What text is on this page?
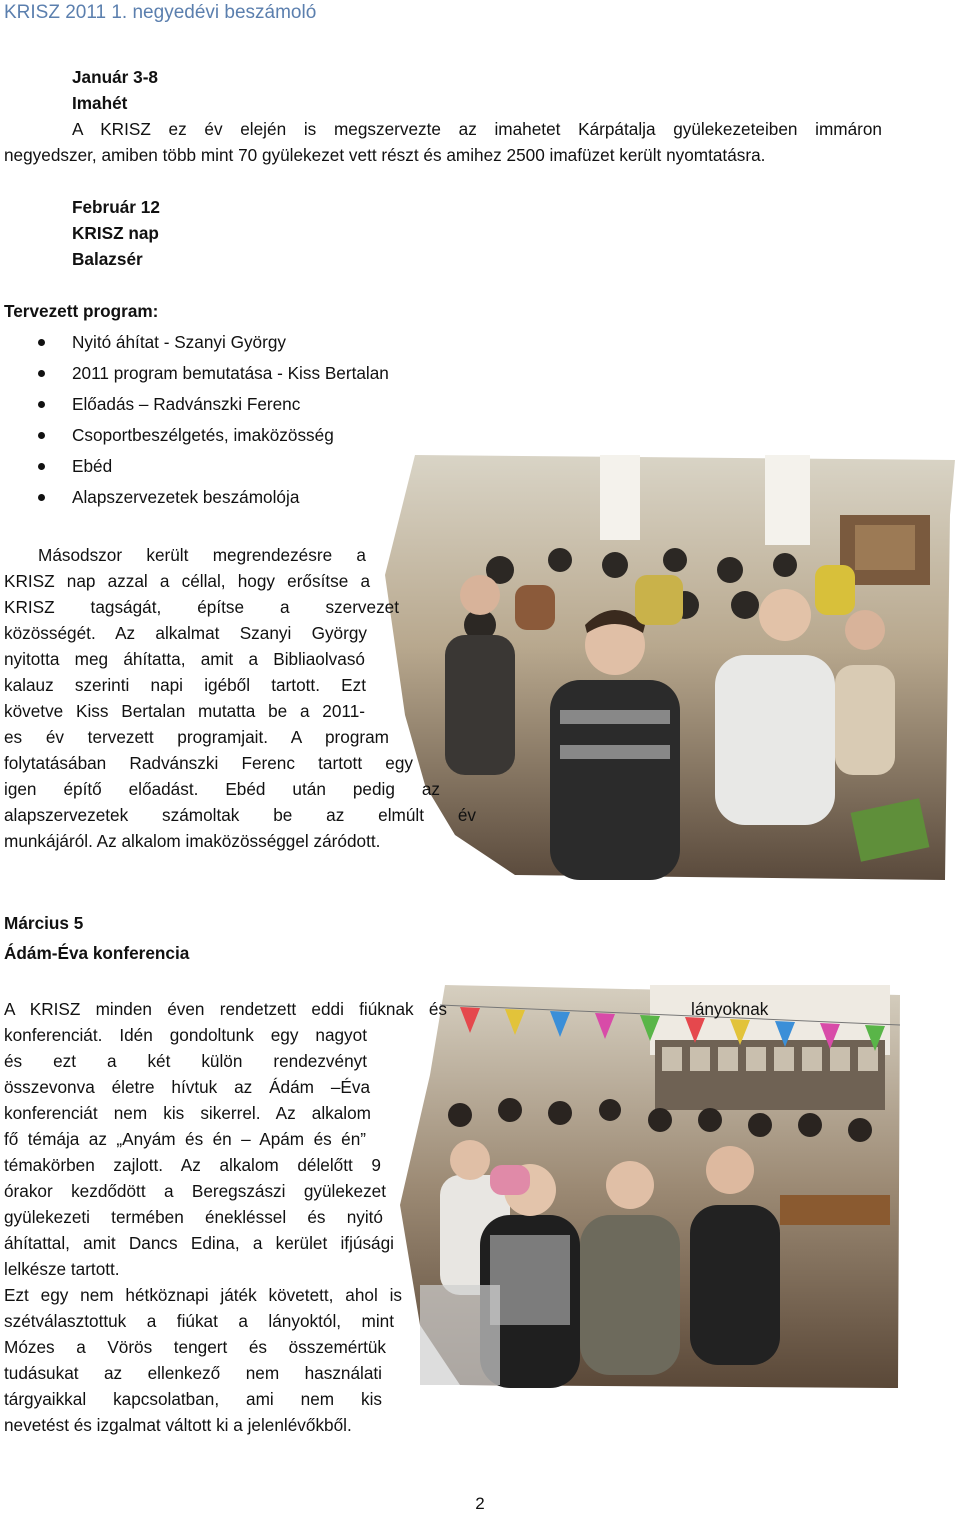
KRISZ 2011 1. negyedévi beszámoló
Január 3-8
Imahét
A KRISZ ez év elején is megszervezte az imahetet Kárpátalja gyülekezeteiben immáron
negyedszer, amiben több mint 70 gyülekezet vett részt és amihez 2500 imafüzet került nyomtatásra.
Február 12
KRISZ nap
Balazsér
Tervezett program:
Nyitó áhítat - Szanyi György
2011 program bemutatása - Kiss Bertalan
Előadás – Radvánszki Ferenc
Csoportbeszélgetés, imaközösség
Ebéd
Alapszervezetek beszámolója
Másodszor került megrendezésre a
KRISZ nap azzal a céllal, hogy erősítse a
KRISZ tagságát, építse a szervezet
közösségét. Az alkalmat Szanyi György
nyitotta meg áhítatta, amit a Bibliaolvasó
kalauz szerinti napi igéből tartott. Ezt
követve Kiss Bertalan mutatta be a 2011-
es év tervezett programjait. A program
folytatásában Radvánszki Ferenc tartott egy
igen építő előadást. Ebéd után pedig az
alapszervezetek számoltak be az elmúlt év
munkájáról. Az alkalom imaközösséggel záródott.
Március 5
Ádám-Éva konferencia
A KRISZ minden éven rendetzett eddi fiúknak és	lányoknak
konferenciát. Idén gondoltunk egy nagyot
és ezt a két külön rendezvényt
összevonva életre hívtuk az Ádám –Éva
konferenciát nem kis sikerrel. Az alkalom
fő témája az „Anyám és én – Apám és én”
témakörben zajlott. Az alkalom délelőtt 9
órakor kezdődött a Beregszászi gyülekezet
gyülekezeti termében énekléssel és nyitó
áhítattal, amit Dancs Edina, a kerület ifjúsági
lelkésze tartott.
Ezt egy nem hétköznapi játék követett, ahol is
szétválasztottuk a fiúkat a lányoktól, mint
Mózes a Vörös tengert és összemértük
tudásukat az ellenkező nem használati
tárgyaikkal kapcsolatban, ami nem kis
nevetést és izgalmat váltott ki a jelenlévőkből.
2
